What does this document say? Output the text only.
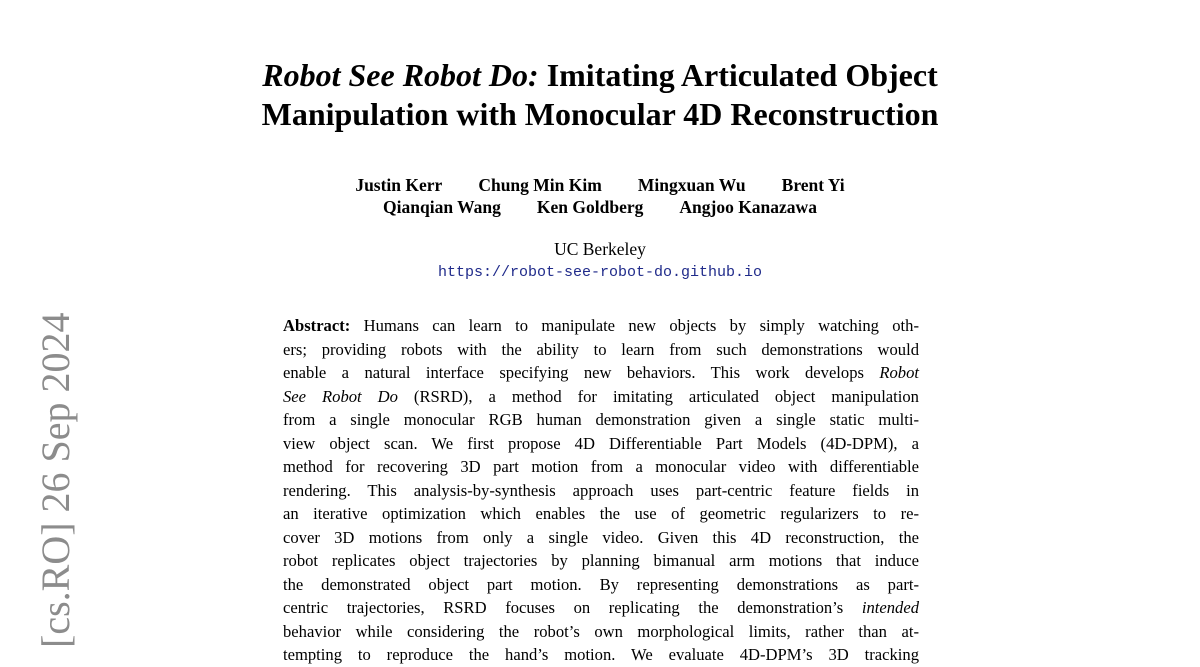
[cs.RO] 26 Sep 2024
Robot See Robot Do: Imitating Articulated Object
Manipulation with Monocular 4D Reconstruction
Justin Kerr Chung Min Kim Mingxuan Wu Brent Yi
Qianqian Wang Ken Goldberg Angjoo Kanazawa
UC Berkeley
https://robot-see-robot-do.github.io
Abstract: Humans can learn to manipulate new objects by simply watching oth-
ers; providing robots with the ability to learn from such demonstrations would
enable a natural interface specifying new behaviors. This work develops Robot
See Robot Do (RSRD), a method for imitating articulated object manipulation
from a single monocular RGB human demonstration given a single static multi-
view object scan. We first propose 4D Differentiable Part Models (4D-DPM), a
method for recovering 3D part motion from a monocular video with differentiable
rendering. This analysis-by-synthesis approach uses part-centric feature fields in
an iterative optimization which enables the use of geometric regularizers to re-
cover 3D motions from only a single video. Given this 4D reconstruction, the
robot replicates object trajectories by planning bimanual arm motions that induce
the demonstrated object part motion. By representing demonstrations as part-
centric trajectories, RSRD focuses on replicating the demonstration’s intended
behavior while considering the robot’s own morphological limits, rather than at-
tempting to reproduce the hand’s motion. We evaluate 4D-DPM’s 3D tracking
